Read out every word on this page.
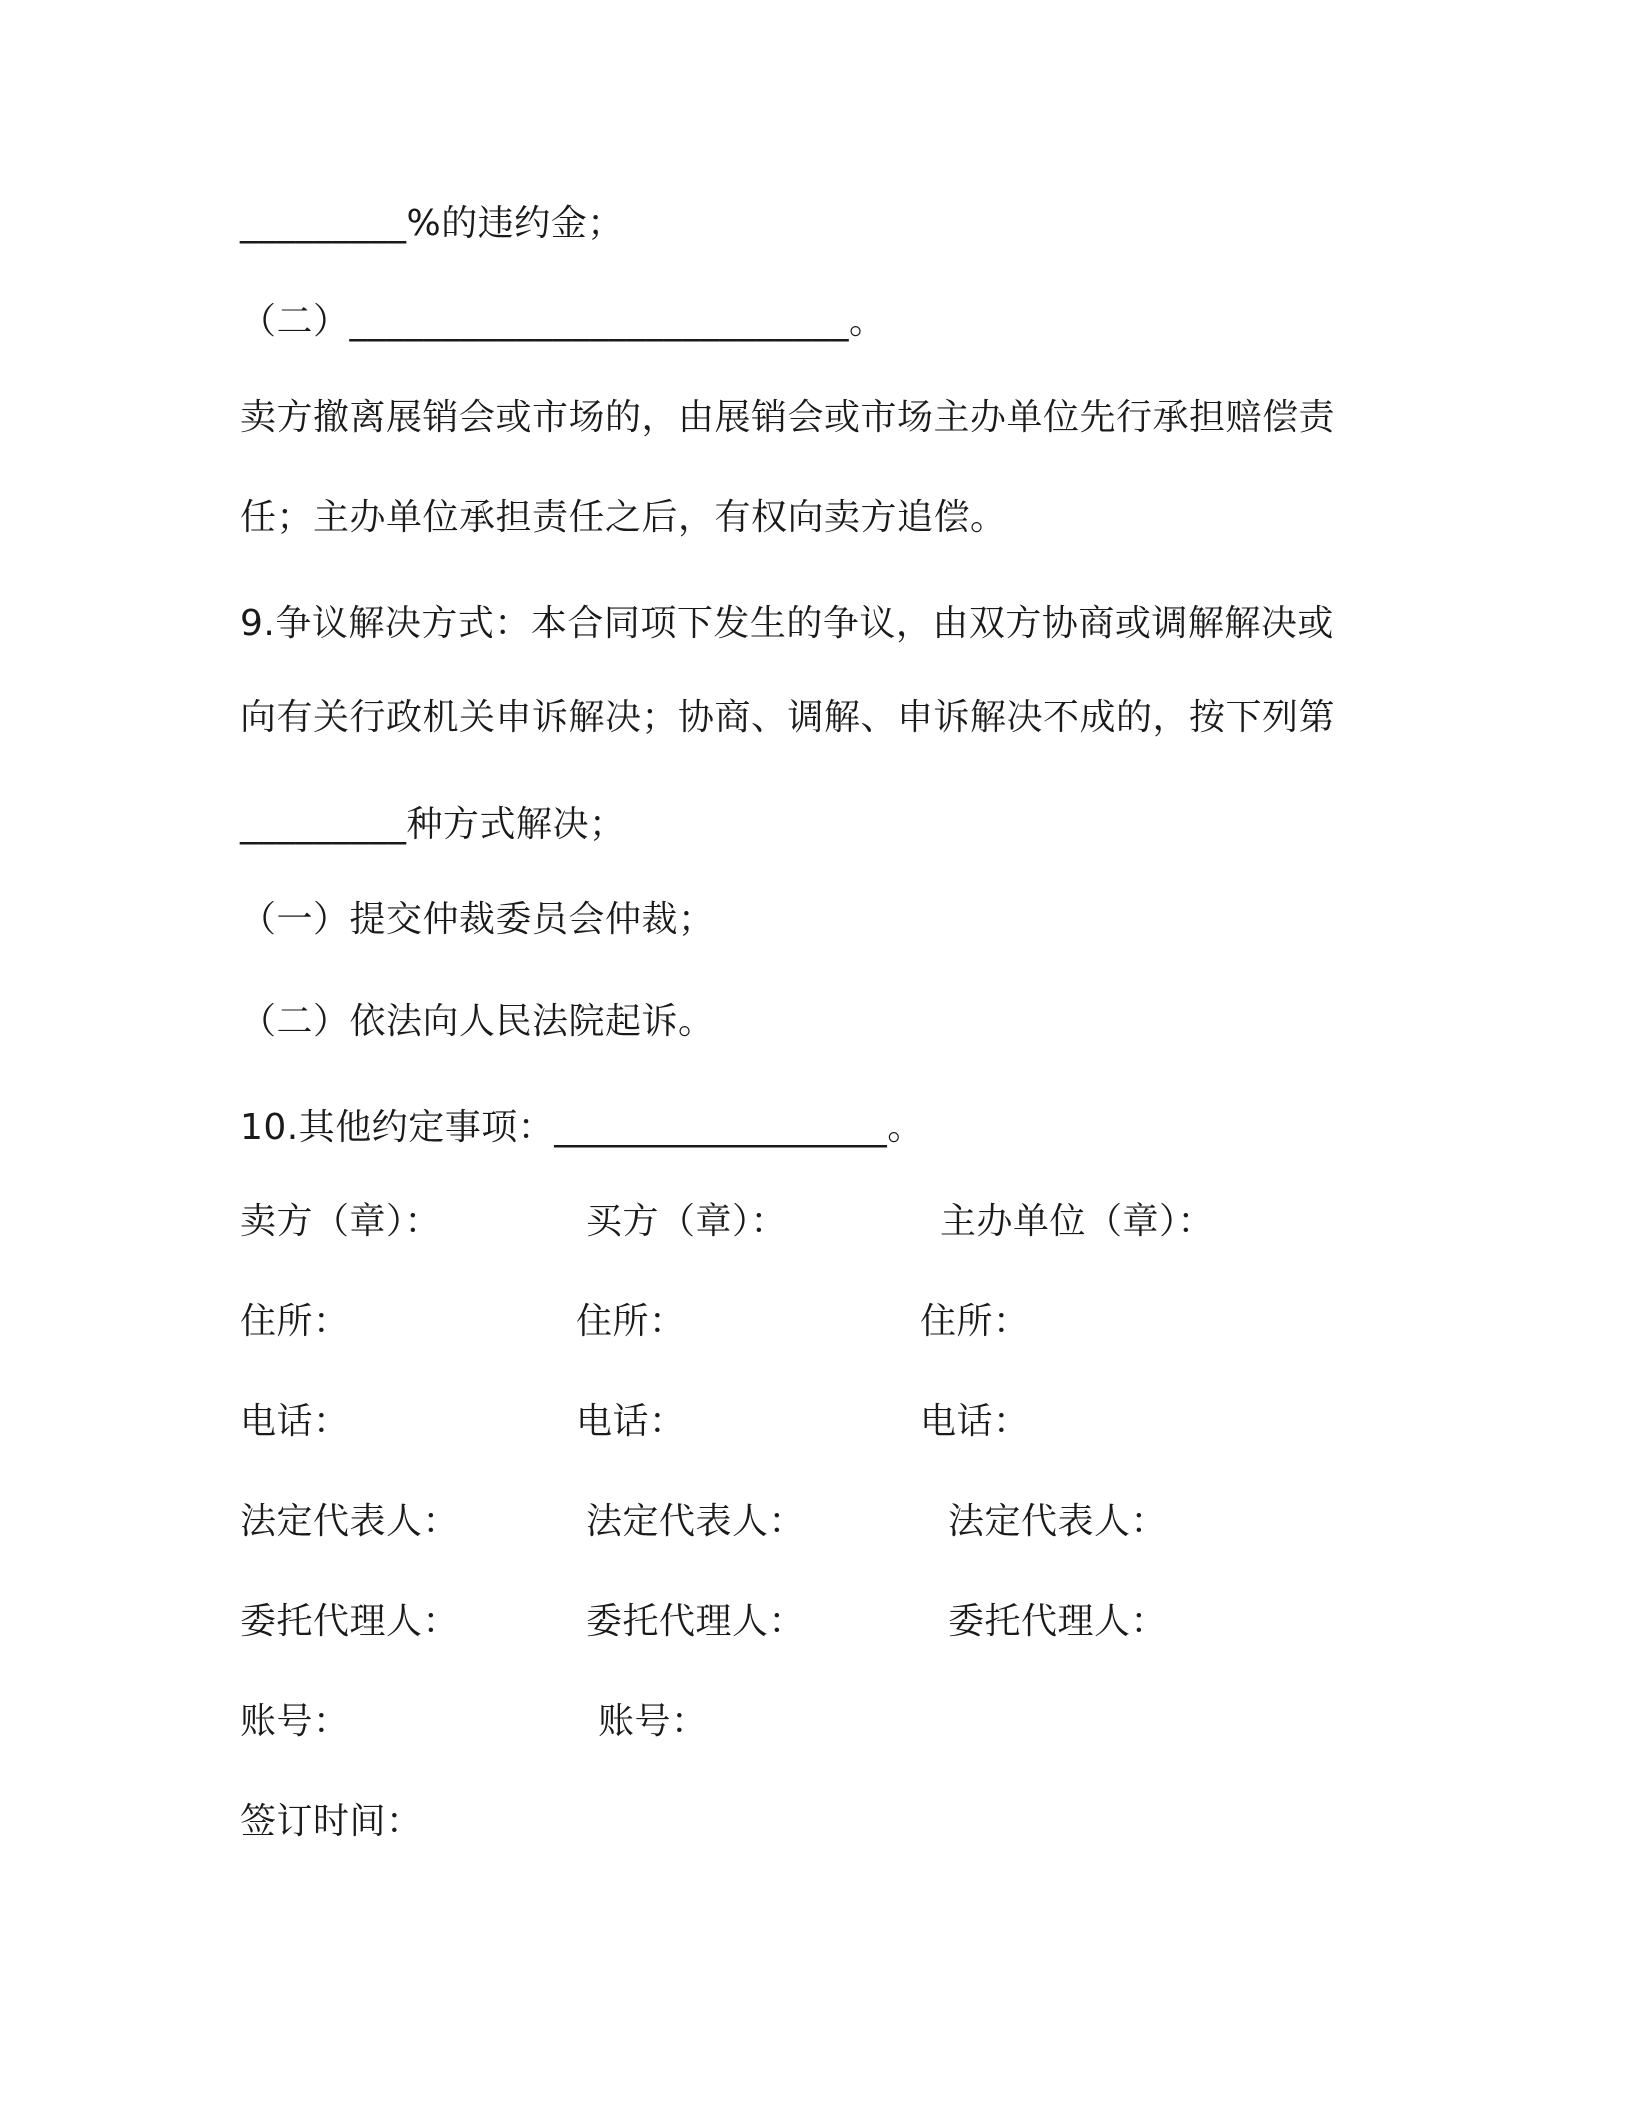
_________%的违约金；
（二）___________________________。
卖方撤离展销会或市场的，由展销会或市场主办单位先行承担赔偿责
任；主办单位承担责任之后，有权向卖方追偿。
9.争议解决方式：本合同项下发生的争议，由双方协商或调解解决或
向有关行政机关申诉解决；协商、调解、申诉解决不成的，按下列第
_________种方式解决；
（一）提交仲裁委员会仲裁；
（二）依法向人民法院起诉。
10.其他约定事项：__________________。
卖方（章）：
住所：
电话：
法定代表人：
委托代理人：
账号：
买方（章）：
住所：
电话：
法定代表人：
委托代理人：
账号：
主办单位（章）：
住所：
电话：
法定代表人：
委托代理人：
签订时间：
